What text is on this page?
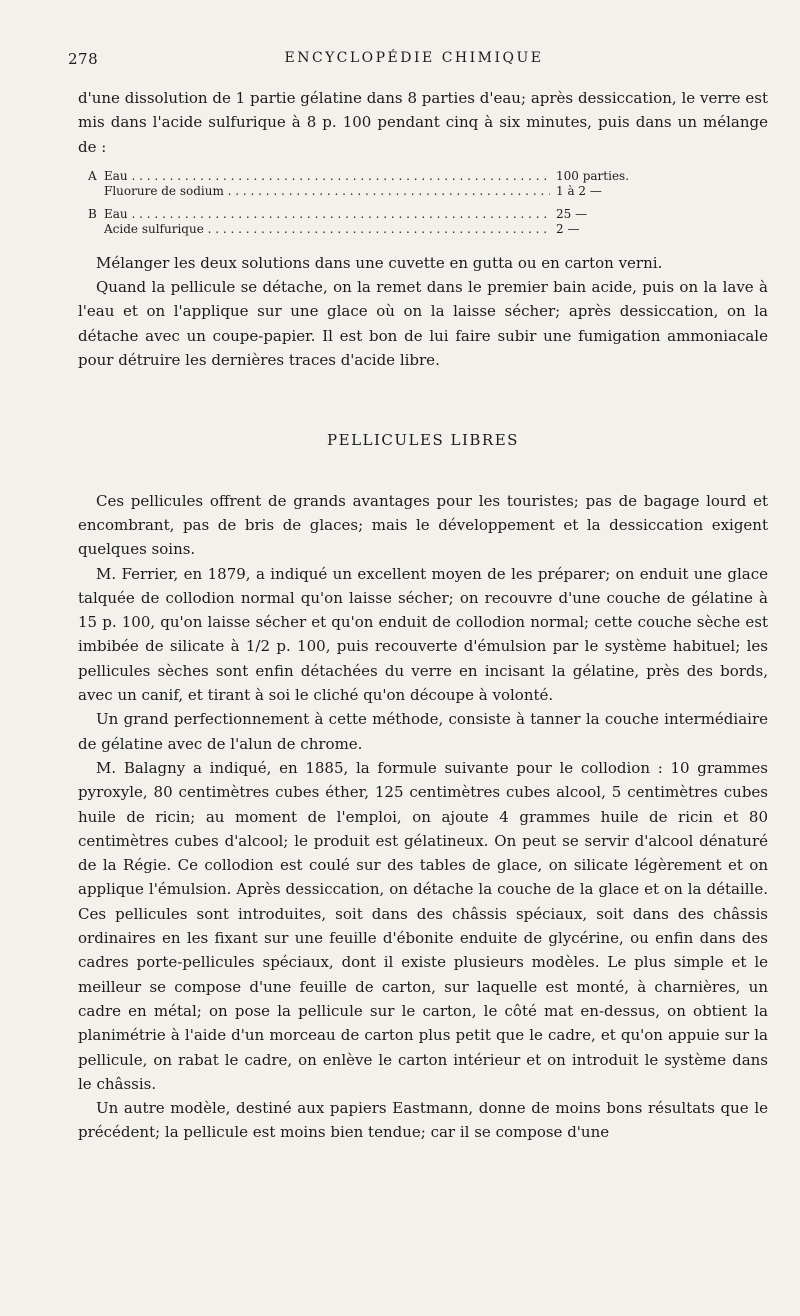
278	ENCYCLOPÉDIE CHIMIQUE

d'une dissolution de 1 partie gélatine dans 8 parties d'eau; après dessiccation, le verre est mis dans l'acide sulfurique à 8 p. 100 pendant cinq à six minutes, puis dans un mélange de :

A Eau . . .	100 parties.
Fluorure de sodium . . .	1 à 2 —
B Eau . . .	25 —
Acide sulfurique . . .	2 —

Mélanger les deux solutions dans une cuvette en gutta ou en carton verni.

Quand la pellicule se détache, on la remet dans le premier bain acide, puis on la lave à l'eau et on l'applique sur une glace où on la laisse sécher; après dessiccation, on la détache avec un coupe-papier. Il est bon de lui faire subir une fumigation ammoniacale pour détruire les dernières traces d'acide libre.

PELLICULES LIBRES

Ces pellicules offrent de grands avantages pour les touristes; pas de bagage lourd et encombrant, pas de bris de glaces; mais le développement et la dessiccation exigent quelques soins.

M. Ferrier, en 1879, a indiqué un excellent moyen de les préparer; on enduit une glace talquée de collodion normal qu'on laisse sécher; on recouvre d'une couche de gélatine à 15 p. 100, qu'on laisse sécher et qu'on enduit de collodion normal; cette couche sèche est imbibée de silicate à 1/2 p. 100, puis recouverte d'émulsion par le système habituel; les pellicules sèches sont enfin détachées du verre en incisant la gélatine, près des bords, avec un canif, et tirant à soi le cliché qu'on découpe à volonté.

Un grand perfectionnement à cette méthode, consiste à tanner la couche intermédiaire de gélatine avec de l'alun de chrome.

M. Balagny a indiqué, en 1885, la formule suivante pour le collodion : 10 grammes pyroxyle, 80 centimètres cubes éther, 125 centimètres cubes alcool, 5 centimètres cubes huile de ricin; au moment de l'emploi, on ajoute 4 grammes huile de ricin et 80 centimètres cubes d'alcool; le produit est gélatineux. On peut se servir d'alcool dénaturé de la Régie. Ce collodion est coulé sur des tables de glace, on silicate légèrement et on applique l'émulsion. Après dessiccation, on détache la couche de la glace et on la détaille. Ces pellicules sont introduites, soit dans des châssis spéciaux, soit dans des châssis ordinaires en les fixant sur une feuille d'ébonite enduite de glycérine, ou enfin dans des cadres porte-pellicules spéciaux, dont il existe plusieurs modèles. Le plus simple et le meilleur se compose d'une feuille de carton, sur laquelle est monté, à charnières, un cadre en métal; on pose la pellicule sur le carton, le côté mat en-dessus, on obtient la planimétrie à l'aide d'un morceau de carton plus petit que le cadre, et qu'on appuie sur la pellicule, on rabat le cadre, on enlève le carton intérieur et on introduit le système dans le châssis.

Un autre modèle, destiné aux papiers Eastmann, donne de moins bons résultats que le précédent; la pellicule est moins bien tendue; car il se compose d'une
